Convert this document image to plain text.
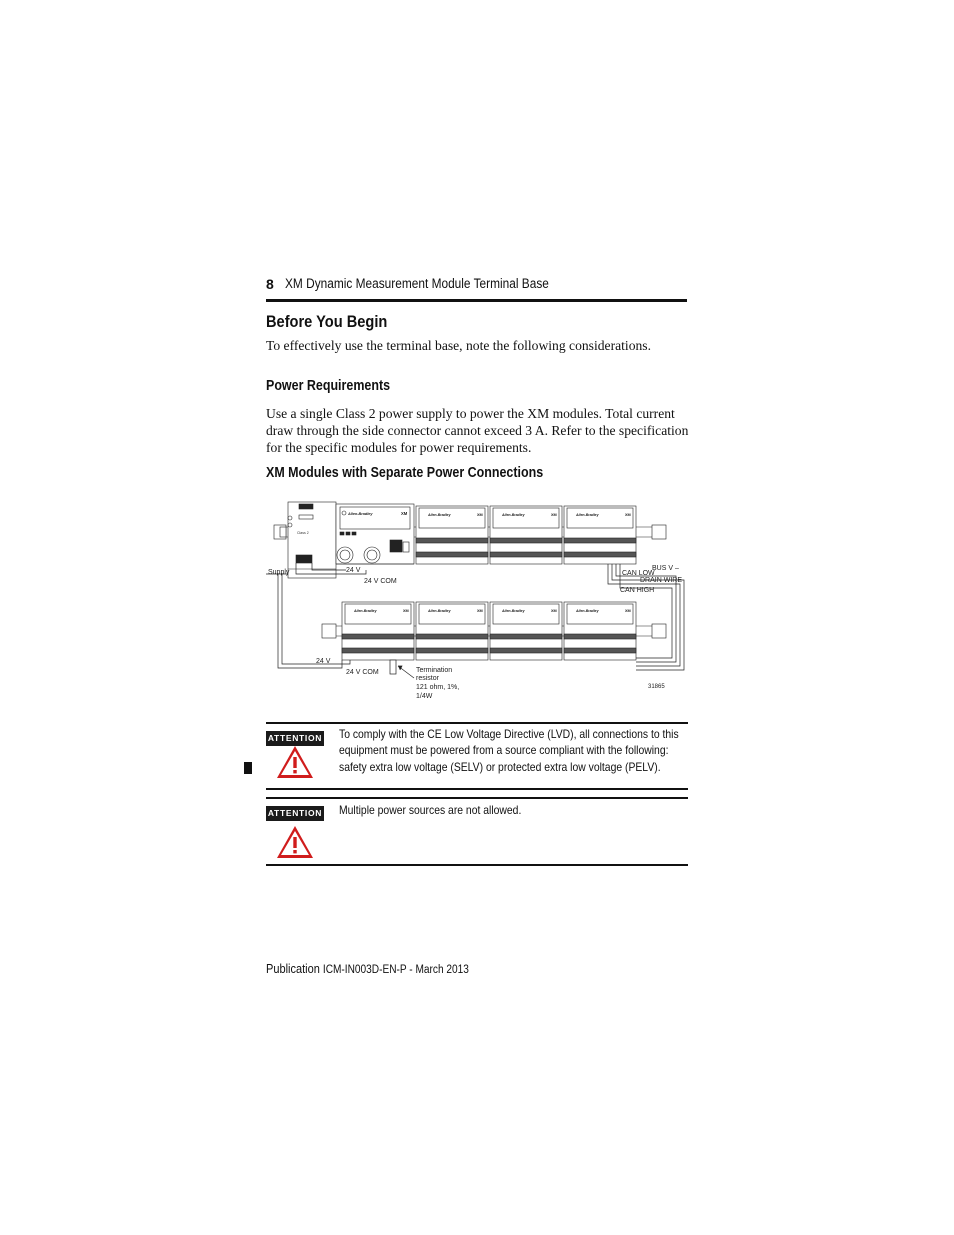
8 XM Dynamic Measurement Module Terminal Base
Before You Begin
To effectively use the terminal base, note the following considerations.
Power Requirements

Use a single Class 2 power supply to power the XM modules. Total current draw through the side connector cannot exceed 3 A. Refer to the specification for the specific modules for power requirements.

XM Modules with Separate Power Connections
Class 2
Allen-Bradley	XM	Allen-Bradley	XM	Allen-Bradley	XM	Allen-Bradley	XM
Allen-Bradley	XM	Allen-Bradley	XM	Allen-Bradley	XM	Allen-Bradley	XM
Supply	24 V
24 V COM
BUS V –
CAN LOW
DRAIN WIRE
CAN HIGH
24 V
24 V COM	Termination
resistor
121 ohm, 1%,
1/4W
31865
ATTENTION To comply with the CE Low Voltage Directive (LVD), all connections to this equipment must be powered from a source compliant with the following: safety extra low voltage (SELV) or protected extra low voltage (PELV).
ATTENTION Multiple power sources are not allowed.
Publication ICM-IN003D-EN-P - March 2013
